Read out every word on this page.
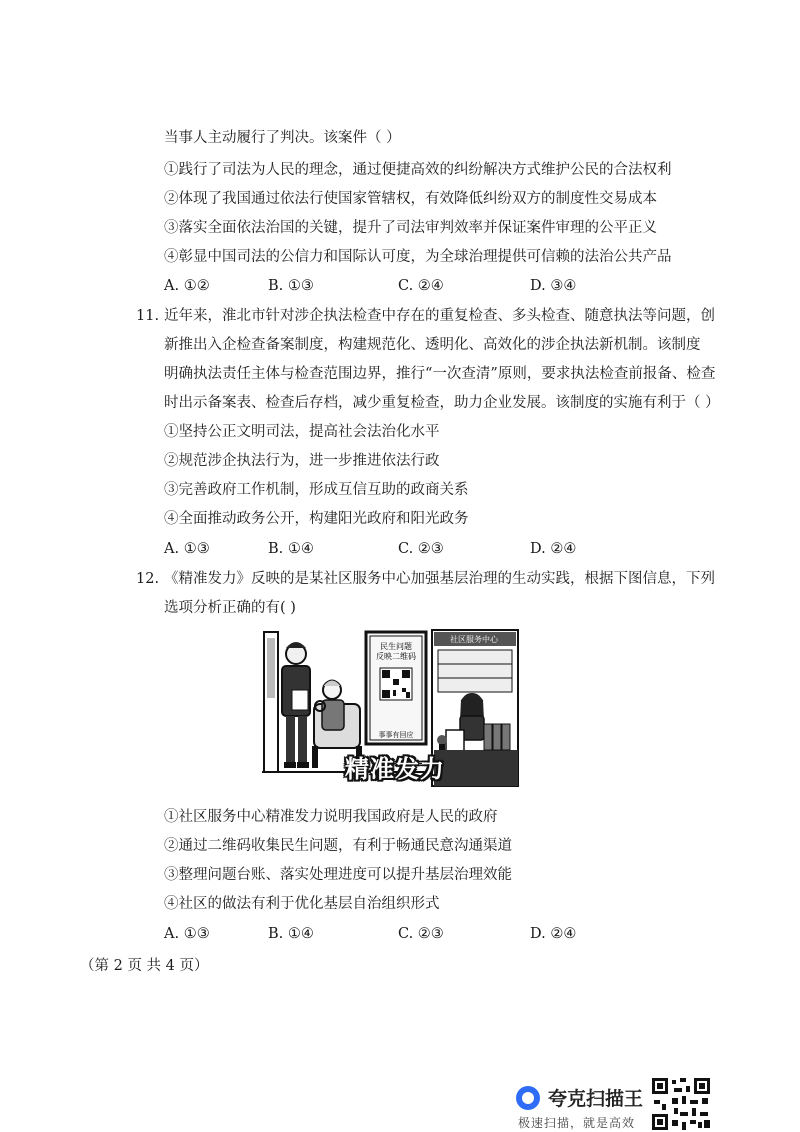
当事人主动履行了判决。该案件（ ）
①践行了司法为人民的理念，通过便捷高效的纠纷解决方式维护公民的合法权利
②体现了我国通过依法行使国家管辖权，有效降低纠纷双方的制度性交易成本
③落实全面依法治国的关键，提升了司法审判效率并保证案件审理的公平正义
④彰显中国司法的公信力和国际认可度，为全球治理提供可信赖的法治公共产品
A. ①②	B. ①③	C. ②④	D. ③④
11. 近年来，淮北市针对涉企执法检查中存在的重复检查、多头检查、随意执法等问题，创
新推出入企检查备案制度，构建规范化、透明化、高效化的涉企执法新机制。该制度
明确执法责任主体与检查范围边界，推行“一次查清”原则，要求执法检查前报备、检查
时出示备案表、检查后存档，减少重复检查，助力企业发展。该制度的实施有利于（ ）
①坚持公正文明司法，提高社会法治化水平
②规范涉企执法行为，进一步推进依法行政
③完善政府工作机制，形成互信互助的政商关系
④全面推动政务公开，构建阳光政府和阳光政务
A. ①③	B. ①④	C. ②③	D. ②④
12. 《精准发力》反映的是某社区服务中心加强基层治理的生动实践，根据下图信息，下列
选项分析正确的有( )
社区服务中心
民生问题
反映二维码
事事有回应
精准发力
①社区服务中心精准发力说明我国政府是人民的政府
②通过二维码收集民生问题，有利于畅通民意沟通渠道
③整理问题台账、落实处理进度可以提升基层治理效能
④社区的做法有利于优化基层自治组织形式
A. ①③	B. ①④	C. ②③	D. ②④
（第 2 页 共 4 页）
夸克扫描王
极速扫描，就是高效
